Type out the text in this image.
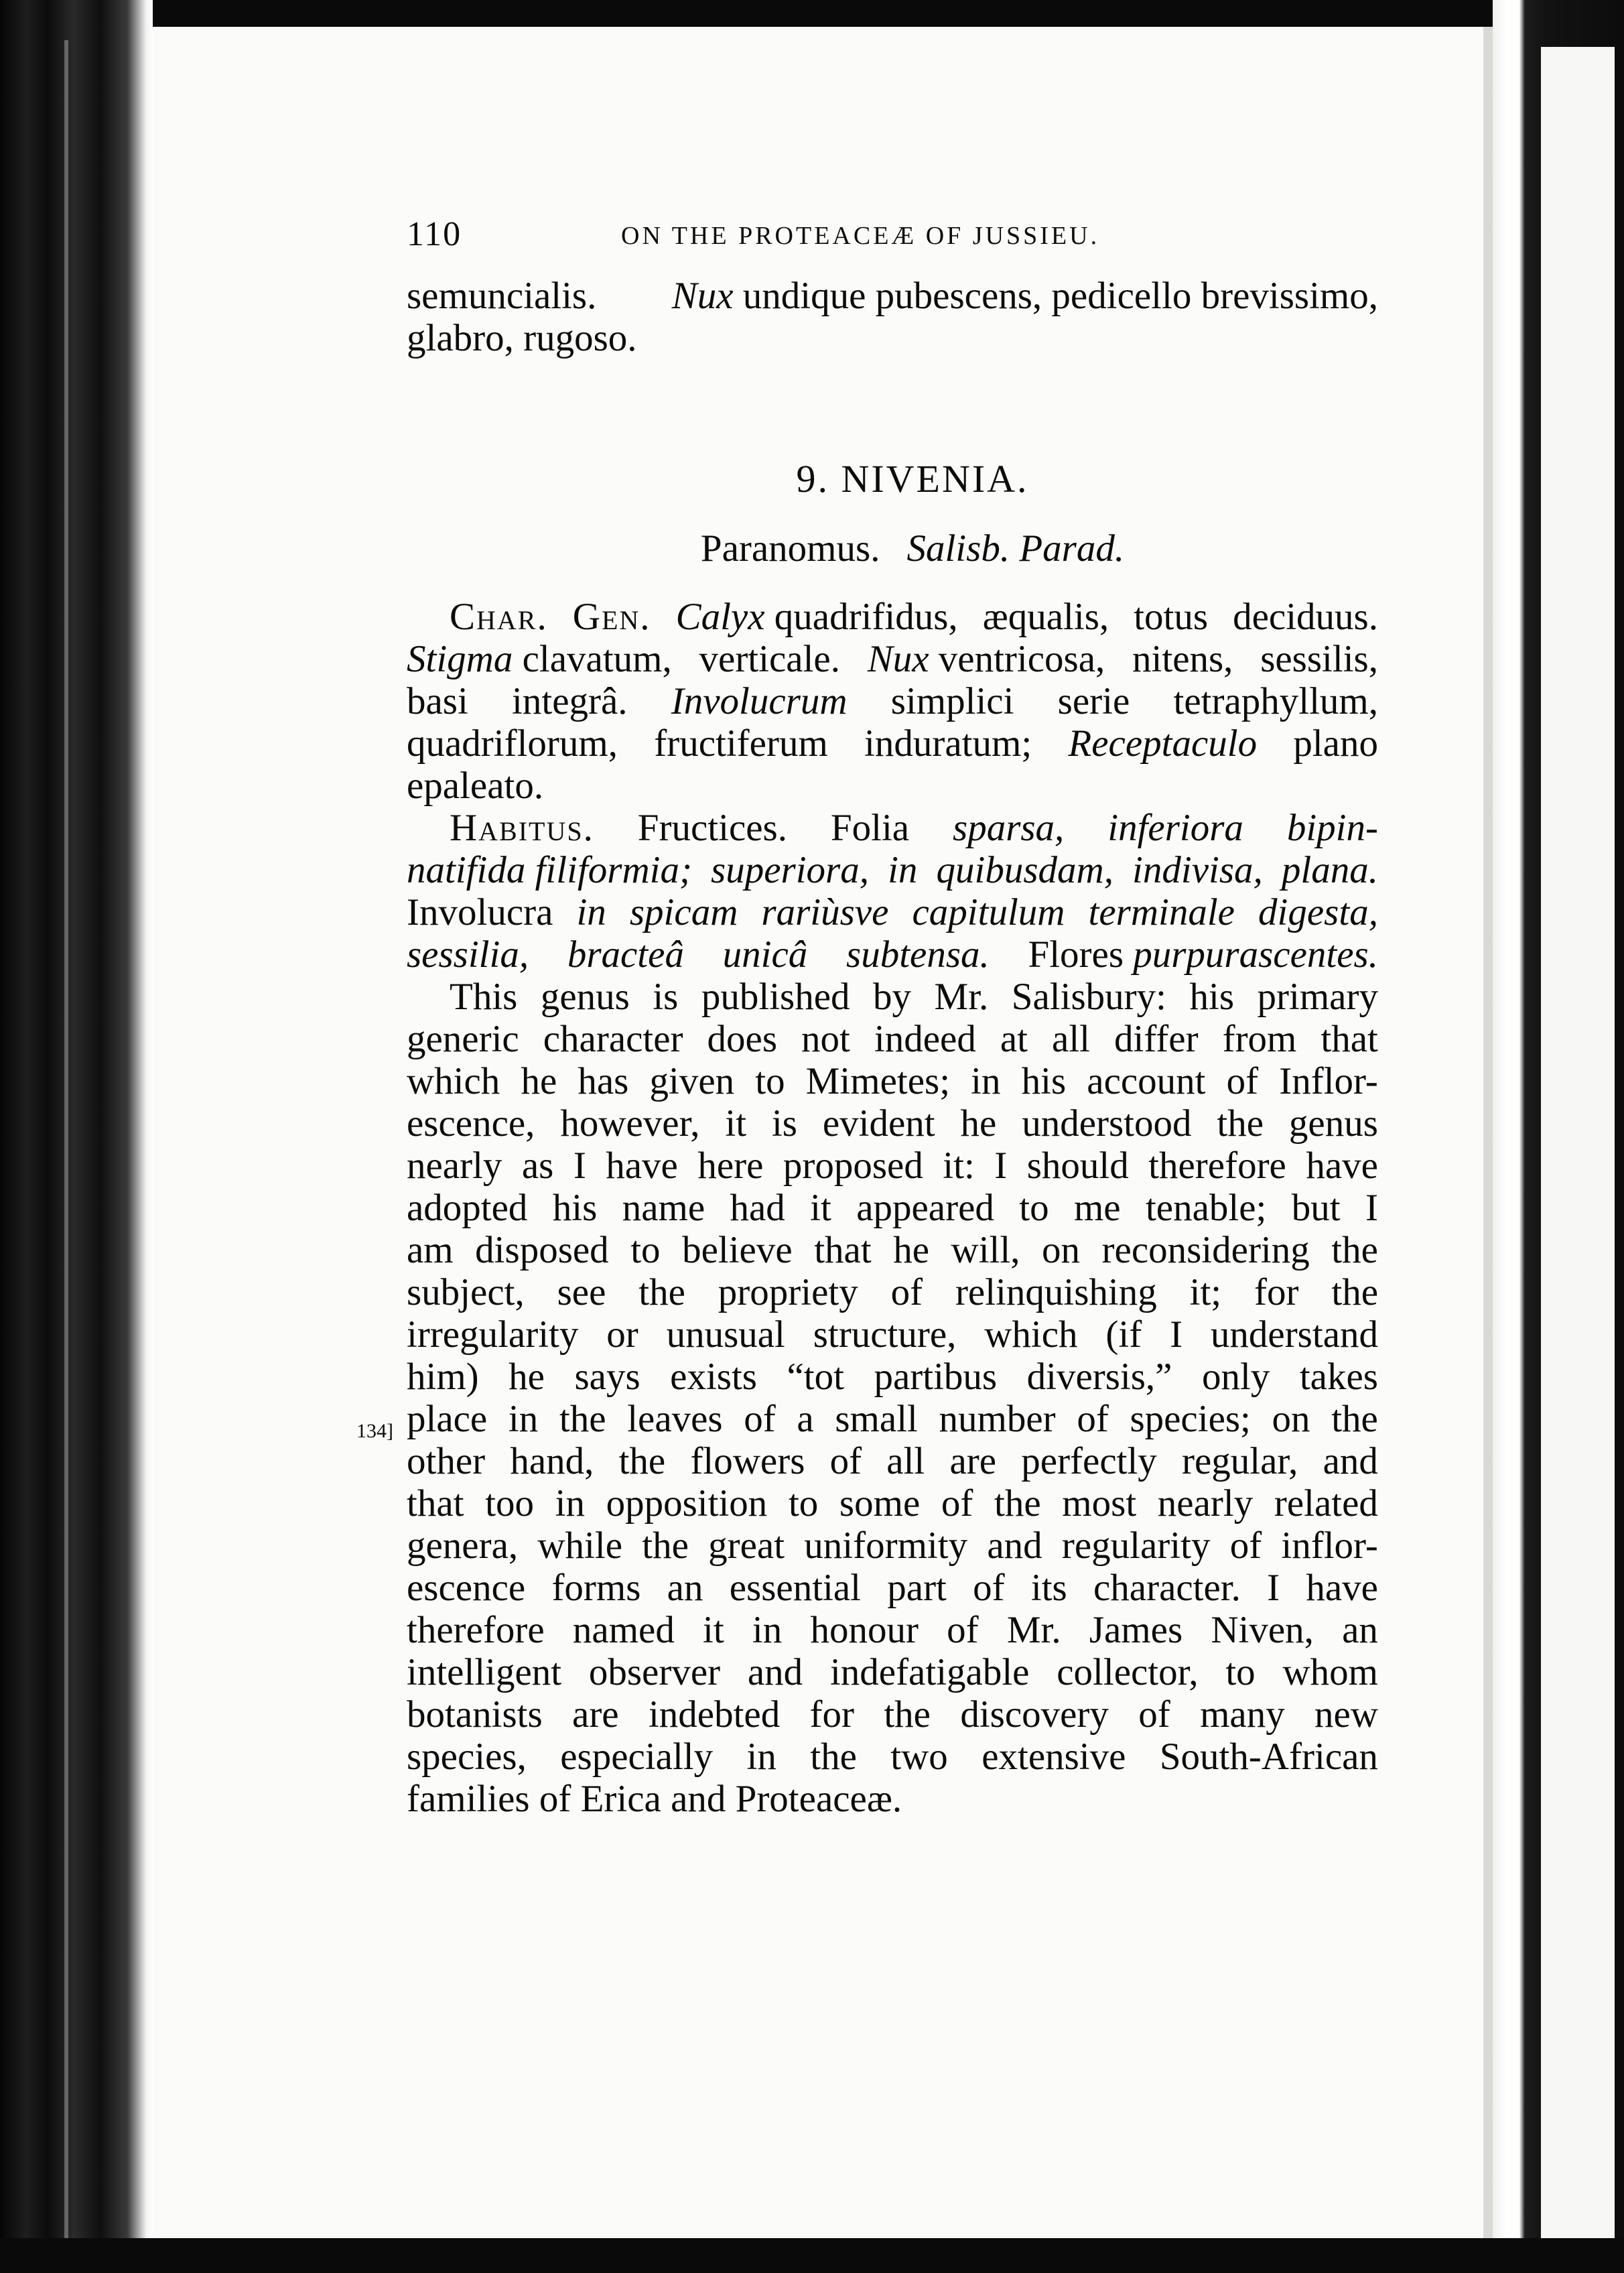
110	ON THE PROTEACEÆ OF JUSSIEU.
semuncialis. Nux undique pubescens, pedicello brevissimo,
glabro, rugoso.
9. NIVENIA.
Paranomus. Salisb. Parad.
Char. Gen. Calyx quadrifidus, æqualis, totus deciduus.
Stigma clavatum, verticale. Nux ventricosa, nitens, sessilis,
basi integrâ. Involucrum simplici serie tetraphyllum,
quadriflorum, fructiferum induratum; Receptaculo plano
epaleato.
Habitus. Fructices. Folia sparsa, inferiora bipin-
natifida filiformia; superiora, in quibusdam, indivisa, plana.
Involucra in spicam rariùsve capitulum terminale digesta,
sessilia, bracteâ unicâ subtensa. Flores purpurascentes.
This genus is published by Mr. Salisbury: his primary
generic character does not indeed at all differ from that
which he has given to Mimetes; in his account of Inflor-
escence, however, it is evident he understood the genus
nearly as I have here proposed it: I should therefore have
adopted his name had it appeared to me tenable; but I
am disposed to believe that he will, on reconsidering the
subject, see the propriety of relinquishing it; for the
irregularity or unusual structure, which (if I understand
him) he says exists “tot partibus diversis,” only takes
134] place in the leaves of a small number of species; on the
other hand, the flowers of all are perfectly regular, and
that too in opposition to some of the most nearly related
genera, while the great uniformity and regularity of inflor-
escence forms an essential part of its character. I have
therefore named it in honour of Mr. James Niven, an
intelligent observer and indefatigable collector, to whom
botanists are indebted for the discovery of many new
species, especially in the two extensive South-African
families of Erica and Proteaceæ.
